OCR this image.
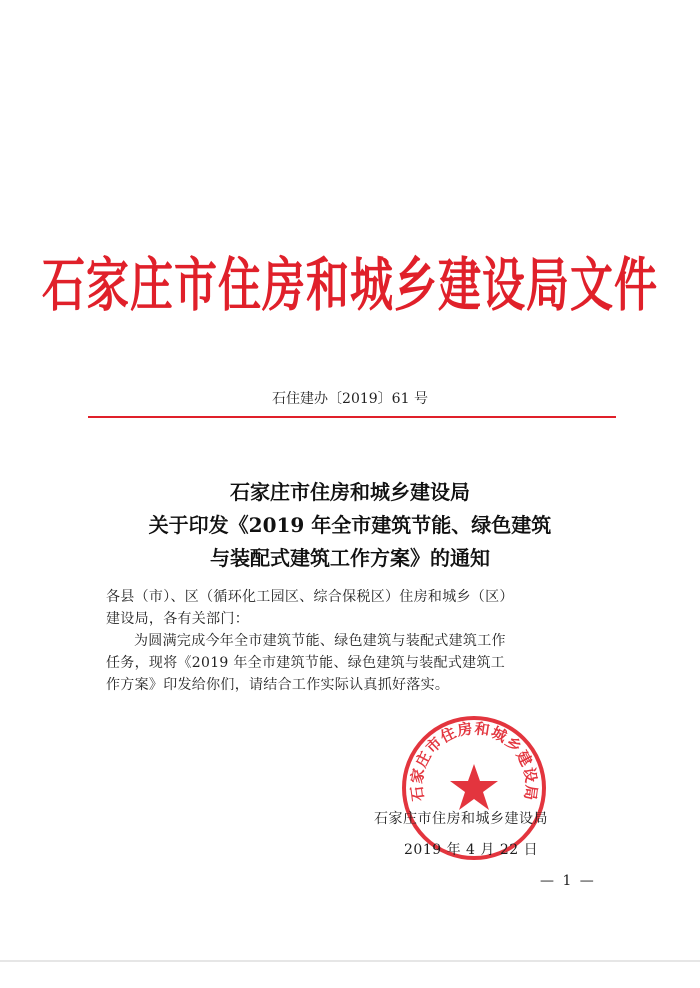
石家庄市住房和城乡建设局文件
石住建办〔2019〕61 号
石家庄市住房和城乡建设局
关于印发《2019 年全市建筑节能、绿色建筑
与装配式建筑工作方案》的通知

各县（市）、区（循环化工园区、综合保税区）住房和城乡（区）

建设局，各有关部门：

为圆满完成今年全市建筑节能、绿色建筑与装配式建筑工作

任务，现将《2019 年全市建筑节能、绿色建筑与装配式建筑工

作方案》印发给你们，请结合工作实际认真抓好落实。

石家庄市住房和城乡建设局
石家庄市住房和城乡建设局
2019 年 4 月 22 日
— 1 —
